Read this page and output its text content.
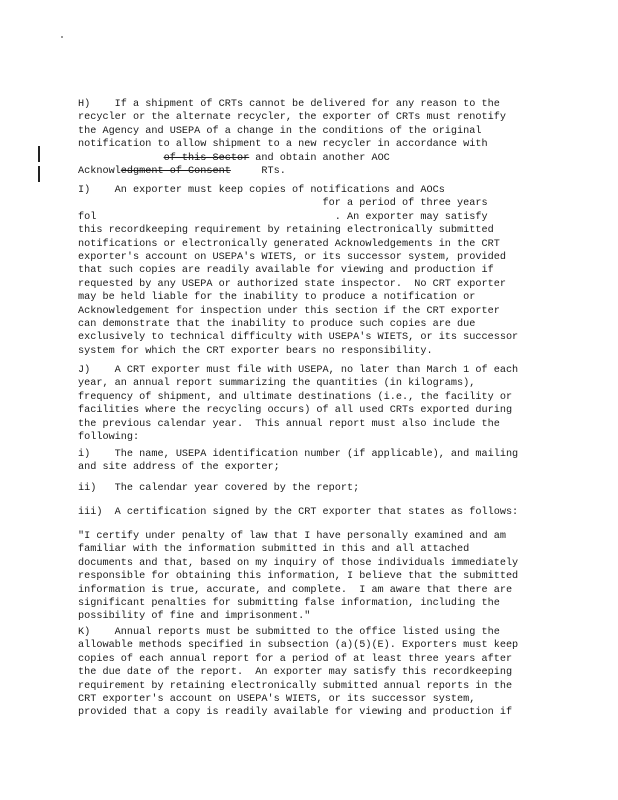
H)    If a shipment of CRTs cannot be delivered for any reason to the
recycler or the alternate recycler, the exporter of CRTs must renotify
the Agency and USEPA of a change in the conditions of the original
notification to allow shipment to a new recycler in accordance with
of this Sector and obtain another AOC
Acknowledgment of Consent     RTs.
I)    An exporter must keep copies of notifications and AOCs
for a period of three years
fol                                       . An exporter may satisfy
this recordkeeping requirement by retaining electronically submitted
notifications or electronically generated Acknowledgements in the CRT
exporter's account on USEPA's WIETS, or its successor system, provided
that such copies are readily available for viewing and production if
requested by any USEPA or authorized state inspector.  No CRT exporter
may be held liable for the inability to produce a notification or
Acknowledgement for inspection under this section if the CRT exporter
can demonstrate that the inability to produce such copies are due
exclusively to technical difficulty with USEPA's WIETS, or its successor
system for which the CRT exporter bears no responsibility.
J)    A CRT exporter must file with USEPA, no later than March 1 of each
year, an annual report summarizing the quantities (in kilograms),
frequency of shipment, and ultimate destinations (i.e., the facility or
facilities where the recycling occurs) of all used CRTs exported during
the previous calendar year.  This annual report must also include the
following:
i)    The name, USEPA identification number (if applicable), and mailing
and site address of the exporter;
ii)   The calendar year covered by the report;
iii)  A certification signed by the CRT exporter that states as follows:
"I certify under penalty of law that I have personally examined and am
familiar with the information submitted in this and all attached
documents and that, based on my inquiry of those individuals immediately
responsible for obtaining this information, I believe that the submitted
information is true, accurate, and complete.  I am aware that there are
significant penalties for submitting false information, including the
possibility of fine and imprisonment."
K)    Annual reports must be submitted to the office listed using the
allowable methods specified in subsection (a)(5)(E). Exporters must keep
copies of each annual report for a period of at least three years after
the due date of the report.  An exporter may satisfy this recordkeeping
requirement by retaining electronically submitted annual reports in the
CRT exporter's account on USEPA's WIETS, or its successor system,
provided that a copy is readily available for viewing and production if
